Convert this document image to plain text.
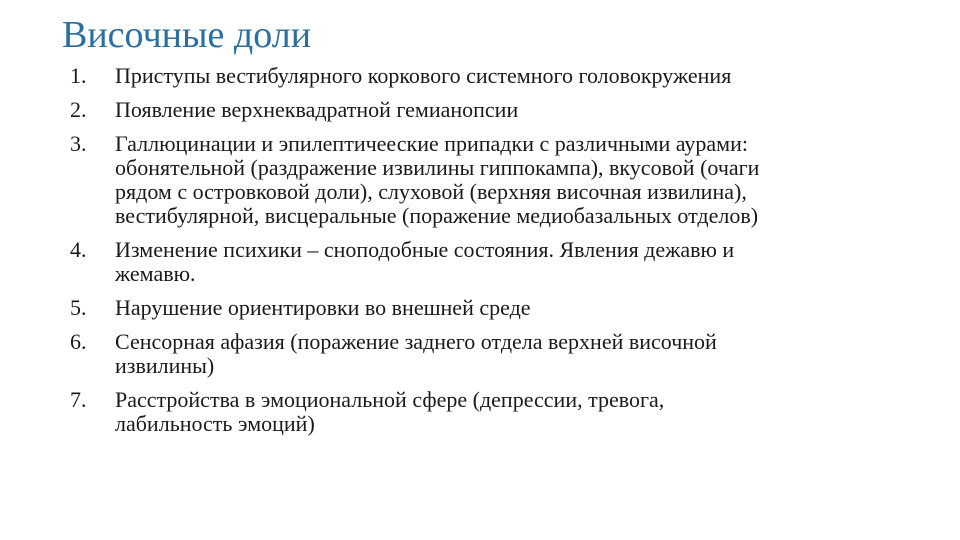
Височные доли
1.	Приступы вестибулярного коркового системного головокружения
2.	Появление верхнеквадратной гемианопсии
3.	Галлюцинации и эпилептичееские припадки с различными аурами:
обонятельной (раздражение извилины гиппокампа), вкусовой (очаги
рядом с островковой доли), слуховой (верхняя височная извилина),
вестибулярной, висцеральные (поражение медиобазальных отделов)
4.	Изменение психики – сноподобные состояния. Явления дежавю и
жемавю.
5.	Нарушение ориентировки во внешней среде
6.	Сенсорная афазия (поражение заднего отдела верхней височной
извилины)
7.	Расстройства в эмоциональной сфере (депрессии, тревога,
лабильность эмоций)
